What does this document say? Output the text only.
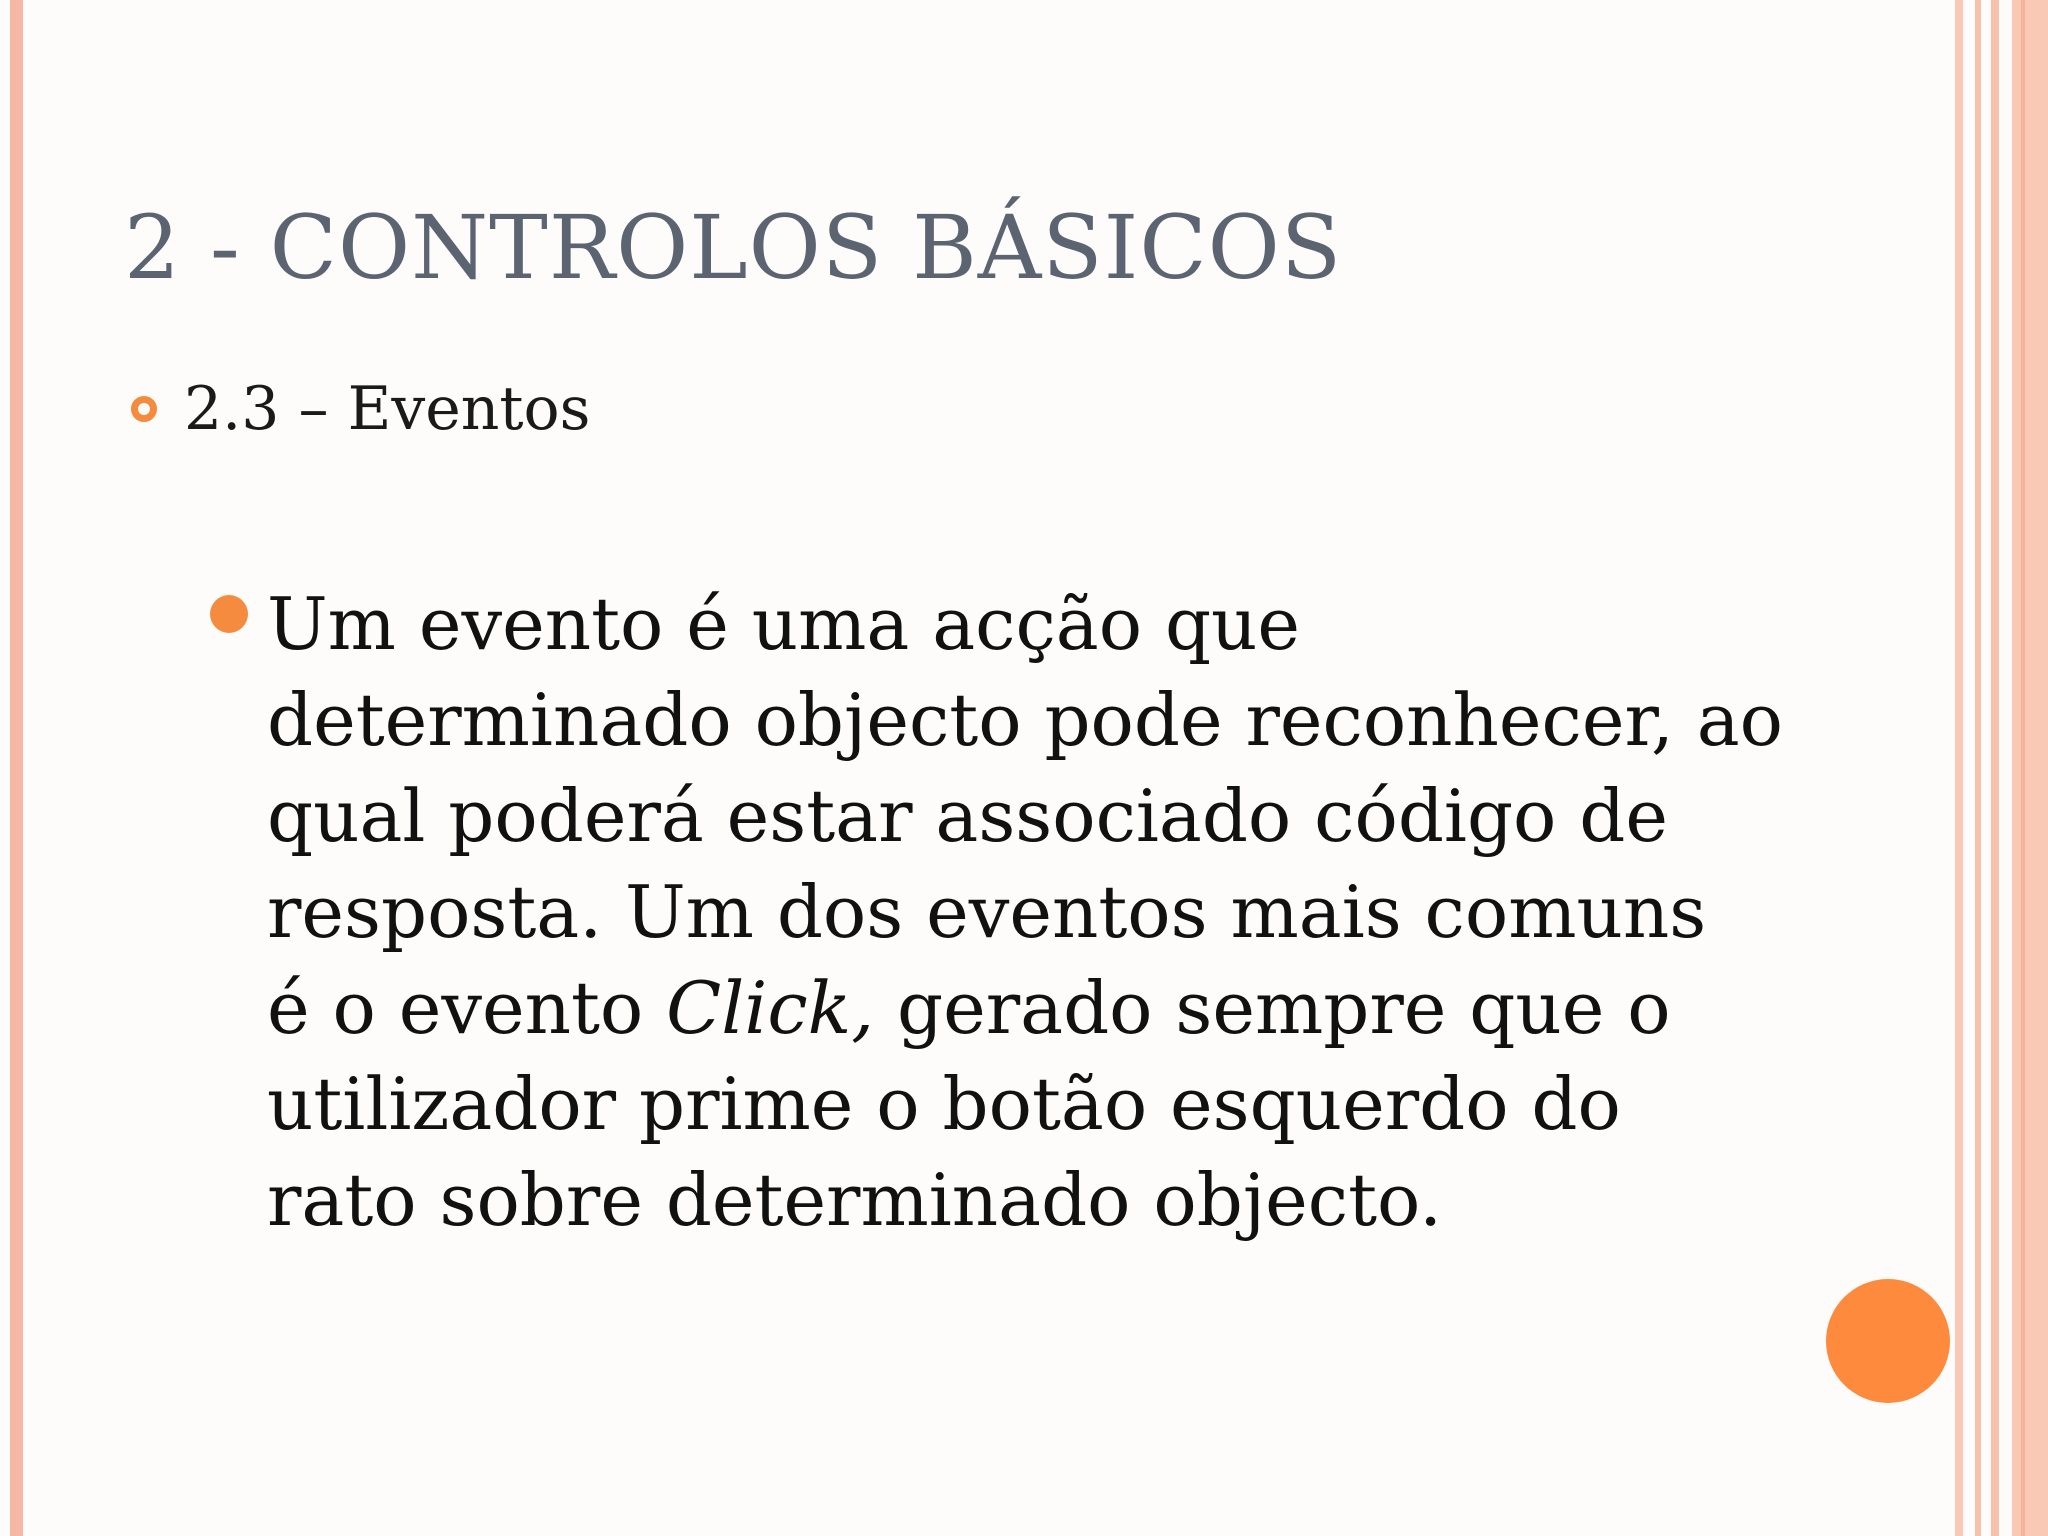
2 - CONTROLOS BÁSICOS
2.3 – Eventos

Um evento é uma acção que
determinado objecto pode reconhecer, ao
qual poderá estar associado código de
resposta. Um dos eventos mais comuns
é o evento Click, gerado sempre que o
utilizador prime o botão esquerdo do
rato sobre determinado objecto.
